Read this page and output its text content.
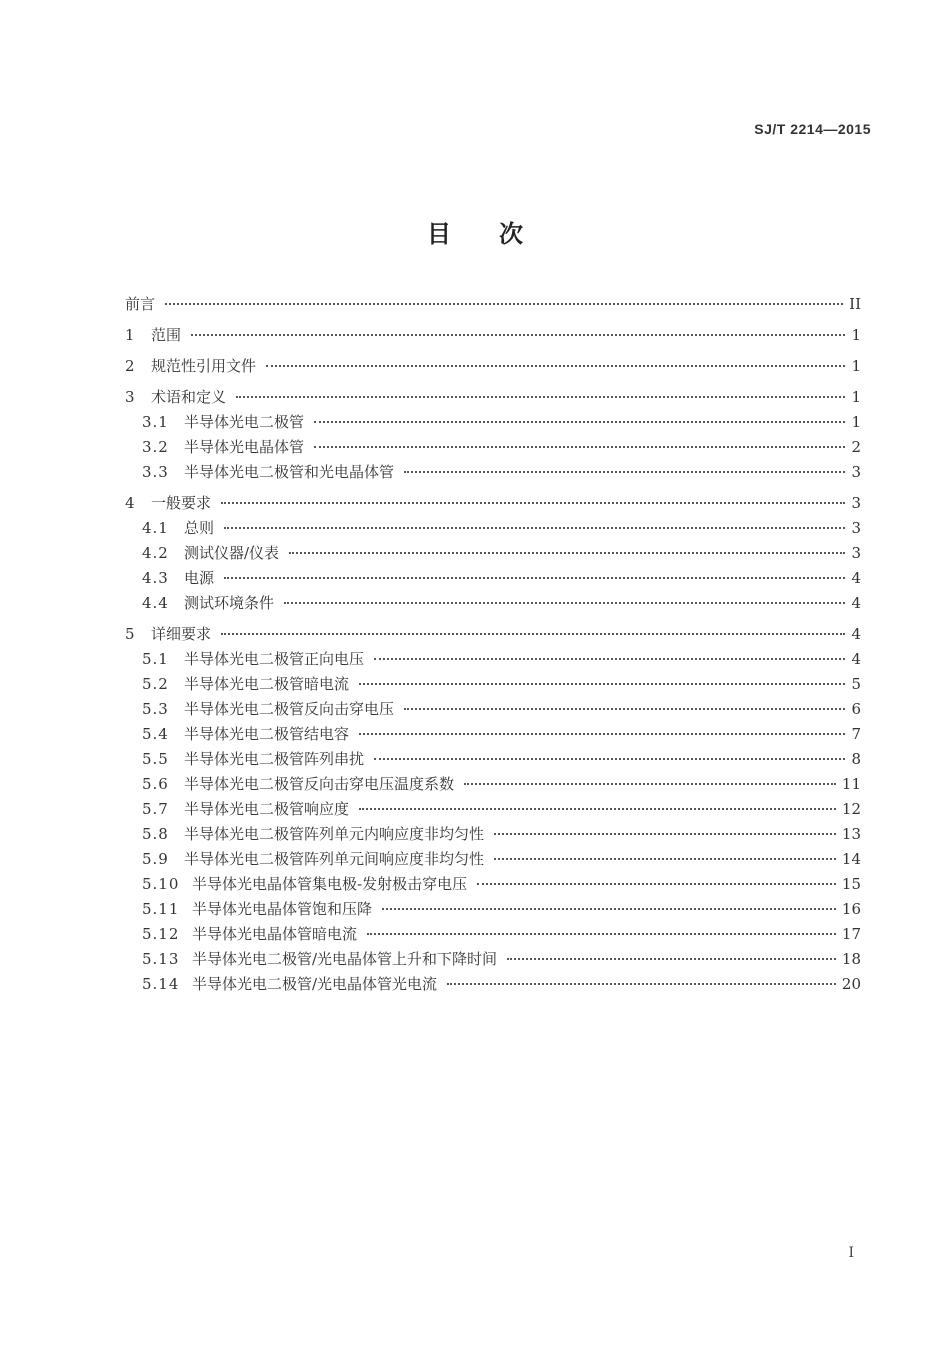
SJ/T 2214—2015
目 次
前言	II
1	范围	1
2	规范性引用文件	1
3	术语和定义	1
3.1	半导体光电二极管	1
3.2	半导体光电晶体管	2
3.3	半导体光电二极管和光电晶体管	3
4	一般要求	3
4.1	总则	3
4.2	测试仪器/仪表	3
4.3	电源	4
4.4	测试环境条件	4
5	详细要求	4
5.1	半导体光电二极管正向电压	4
5.2	半导体光电二极管暗电流	5
5.3	半导体光电二极管反向击穿电压	6
5.4	半导体光电二极管结电容	7
5.5	半导体光电二极管阵列串扰	8
5.6	半导体光电二极管反向击穿电压温度系数	11
5.7	半导体光电二极管响应度	12
5.8	半导体光电二极管阵列单元内响应度非均匀性	13
5.9	半导体光电二极管阵列单元间响应度非均匀性	14
5.10 半导体光电晶体管集电极-发射极击穿电压	15
5.11 半导体光电晶体管饱和压降	16
5.12 半导体光电晶体管暗电流	17
5.13 半导体光电二极管/光电晶体管上升和下降时间	18
5.14 半导体光电二极管/光电晶体管光电流	20
I
